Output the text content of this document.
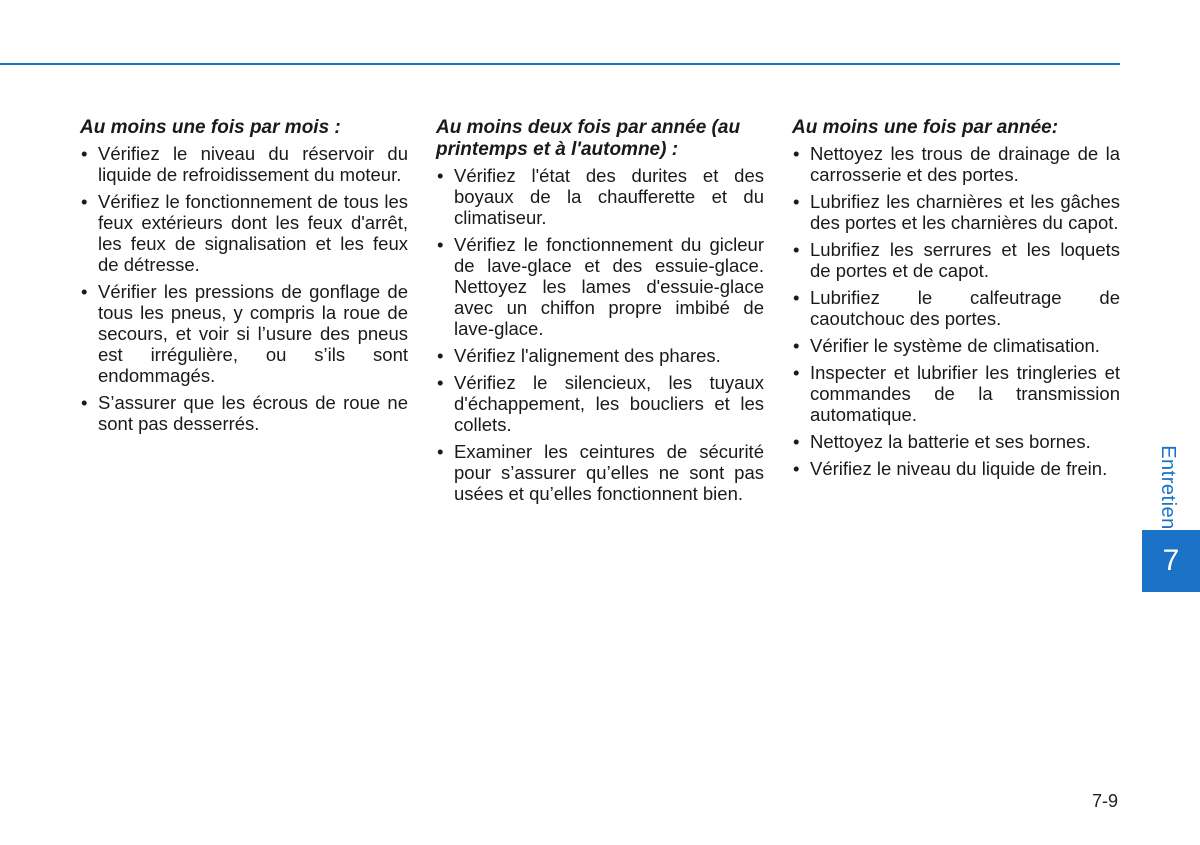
Au moins une fois par mois :
• Vérifiez le niveau du réservoir du liquide de refroidissement du moteur.
• Vérifiez le fonctionnement de tous les feux extérieurs dont les feux d'arrêt, les feux de signalisation et les feux de détresse.
• Vérifier les pressions de gonflage de tous les pneus, y compris la roue de secours, et voir si l’usure des pneus est irrégulière, ou s’ils sont endommagés.
• S’assurer que les écrous de roue ne sont pas desserrés.
Au moins deux fois par année (au printemps et à l'automne) :
• Vérifiez l'état des durites et des boyaux de la chaufferette et du climatiseur.
• Vérifiez le fonctionnement du gicleur de lave-glace et des essuie-glace. Nettoyez les lames d'essuie-glace avec un chiffon propre imbibé de lave-glace.
• Vérifiez l'alignement des phares.
• Vérifiez le silencieux, les tuyaux d'échappement, les boucliers et les collets.
• Examiner les ceintures de sécurité pour s’assurer qu’elles ne sont pas usées et qu’elles fonctionnent bien.
Au moins une fois par année:
• Nettoyez les trous de drainage de la carrosserie et des portes.
• Lubrifiez les charnières et les gâches des portes et les charnières du capot.
• Lubrifiez les serrures et les loquets de portes et de capot.
• Lubrifiez le calfeutrage de caoutchouc des portes.
• Vérifier le système de climatisation.
• Inspecter et lubrifier les tringleries et commandes de la transmission automatique.
• Nettoyez la batterie et ses bornes.
• Vérifiez le niveau du liquide de frein.	Entretien
7
7-9
